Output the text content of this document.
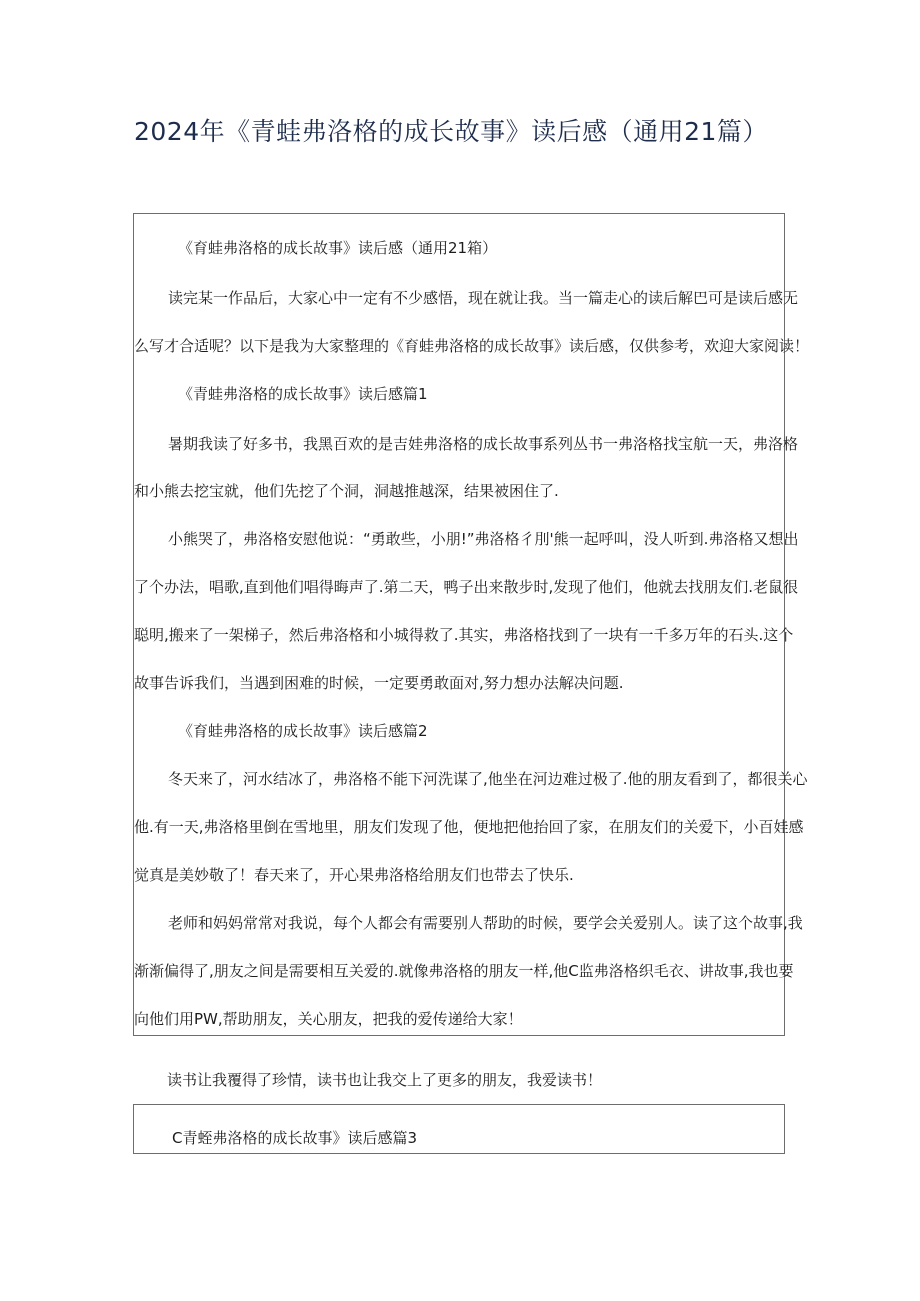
2024年《青蛙弗洛格的成长故事》读后感（通用21篇）
《育蛙弗洛格的成长故事》读后感（通用21箱）
读完某一作品后，大家心中一定有不少感悟，现在就让我。当一篇走心的读后解巴可是读后感无
么写才合适呢？以下是我为大家整理的《育蛙弗洛格的成长故事》读后感，仅供参考，欢迎大家阅读！
《青蛙弗洛格的成长故事》读后感篇1
暑期我读了好多书，我黑百欢的是吉娃弗洛格的成长故事系列丛书一弗洛格找宝航一天，弗洛格
和小熊去挖宝就，他们先挖了个洞，洞越推越深，结果被困住了.
小熊哭了，弗洛格安慰他说：“勇敢些，小朋!”弗洛格彳刖'熊一起呼叫，没人听到.弗洛格又想出
了个办法，唱歌,直到他们唱得晦声了.第二天，鸭子出来散步时,发现了他们，他就去找朋友们.老鼠很
聪明,搬来了一架梯子，然后弗洛格和小城得救了.其实，弗洛格找到了一块有一千多万年的石头.这个
故事告诉我们，当遇到困难的时候，一定要勇敢面对,努力想办法解决问题.
《育蛙弗洛格的成长故事》读后感篇2
冬天来了，河水结冰了，弗洛格不能下河洗谋了,他坐在河边难过极了.他的朋友看到了，都很关心
他.有一天,弗洛格里倒在雪地里，朋友们发现了他，便地把他抬回了家，在朋友们的关爱下，小百娃感
觉真是美妙敬了！春天来了，开心果弗洛格给朋友们也带去了快乐.
老师和妈妈常常对我说，每个人都会有需要别人帮助的时候，要学会关爱别人。读了这个故事,我
渐渐偏得了,朋友之间是需要相互关爱的.就像弗洛格的朋友一样,他C监弗洛格织毛衣、讲故事,我也要
向他们用PW,帮助朋友，关心朋友，把我的爱传递给大家！
读书让我覆得了珍情，读书也让我交上了更多的朋友，我爱读书！
C青蛭弗洛格的成长故事》读后感篇3
